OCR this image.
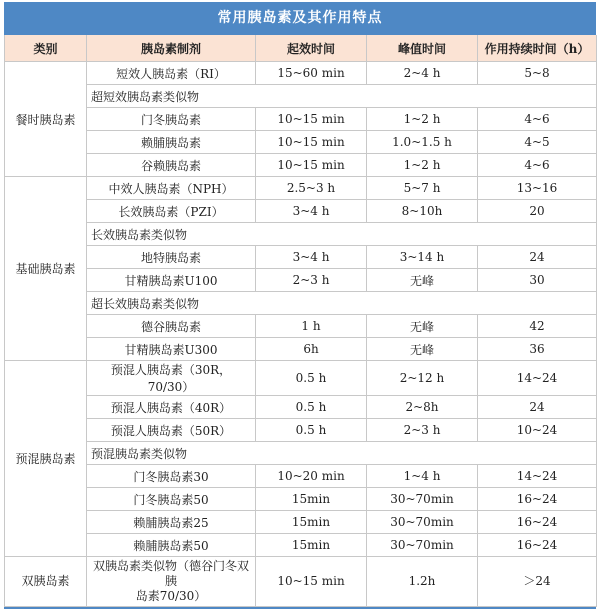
常用胰岛素及其作用特点
类别	胰岛素制剂	起效时间	峰值时间	作用持续时间（h）
餐时胰岛素	短效人胰岛素（RI）	15~60 min	2~4 h	5~8
	超短效胰岛素类似物			
	门冬胰岛素	10~15 min	1~2 h	4~6
	赖脯胰岛素	10~15 min	1.0~1.5 h	4~5
	谷赖胰岛素	10~15 min	1~2 h	4~6
基础胰岛素	中效人胰岛素（NPH）	2.5~3 h	5~7 h	13~16
	长效胰岛素（PZI）	3~4 h	8~10h	20
	长效胰岛素类似物			
	地特胰岛素	3~4 h	3~14 h	24
	甘精胰岛素U100	2~3 h	无峰	30
	超长效胰岛素类似物			
	德谷胰岛素	1 h	无峰	42
	甘精胰岛素U300	6h	无峰	36
预混胰岛素	预混人胰岛素（30R，70/30）	0.5 h	2~12 h	14~24
	预混人胰岛素（40R）	0.5 h	2~8h	24
	预混人胰岛素（50R）	0.5 h	2~3 h	10~24
	预混胰岛素类似物			
	门冬胰岛素30	10~20 min	1~4 h	14~24
	门冬胰岛素50	15min	30~70min	16~24
	赖脯胰岛素25	15min	30~70min	16~24
	赖脯胰岛素50	15min	30~70min	16~24
双胰岛素	双胰岛素类似物（德谷门冬双胰
岛素70/30）	10~15 min	1.2h	＞24
